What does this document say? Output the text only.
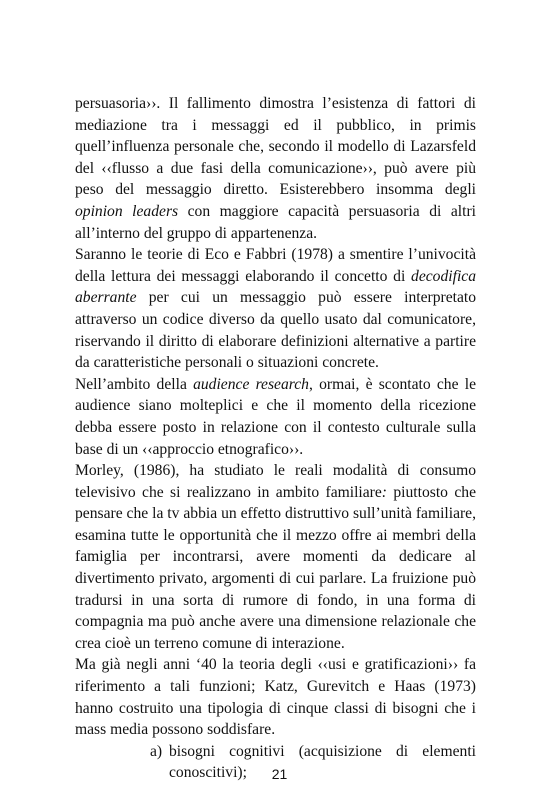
persuasoria››. Il fallimento dimostra l’esistenza di fattori di mediazione tra i messaggi ed il pubblico, in primis quell’influenza personale che, secondo il modello di Lazarsfeld del ‹‹flusso a due fasi della comunicazione››, può avere più peso del messaggio diretto. Esisterebbero insomma degli opinion leaders con maggiore capacità persuasoria di altri all’interno del gruppo di appartenenza.

Saranno le teorie di Eco e Fabbri (1978) a smentire l’univocità della lettura dei messaggi elaborando il concetto di decodifica aberrante per cui un messaggio può essere interpretato attraverso un codice diverso da quello usato dal comunicatore, riservando il diritto di elaborare definizioni alternative a partire da caratteristiche personali o situazioni concrete.

Nell’ambito della audience research, ormai, è scontato che le audience siano molteplici e che il momento della ricezione debba essere posto in relazione con il contesto culturale sulla base di un ‹‹approccio etnografico››.

Morley, (1986), ha studiato le reali modalità di consumo televisivo che si realizzano in ambito familiare: piuttosto che pensare che la tv abbia un effetto distruttivo sull’unità familiare, esamina tutte le opportunità che il mezzo offre ai membri della famiglia per incontrarsi, avere momenti da dedicare al divertimento privato, argomenti di cui parlare. La fruizione può tradursi in una sorta di rumore di fondo, in una forma di compagnia ma può anche avere una dimensione relazionale che crea cioè un terreno comune di interazione.

Ma già negli anni ‘40 la teoria degli ‹‹usi e gratificazioni›› fa riferimento a tali funzioni; Katz, Gurevitch e Haas (1973) hanno costruito una tipologia di cinque classi di bisogni che i mass media possono soddisfare.

a) bisogni cognitivi (acquisizione di elementi conoscitivi);	21
